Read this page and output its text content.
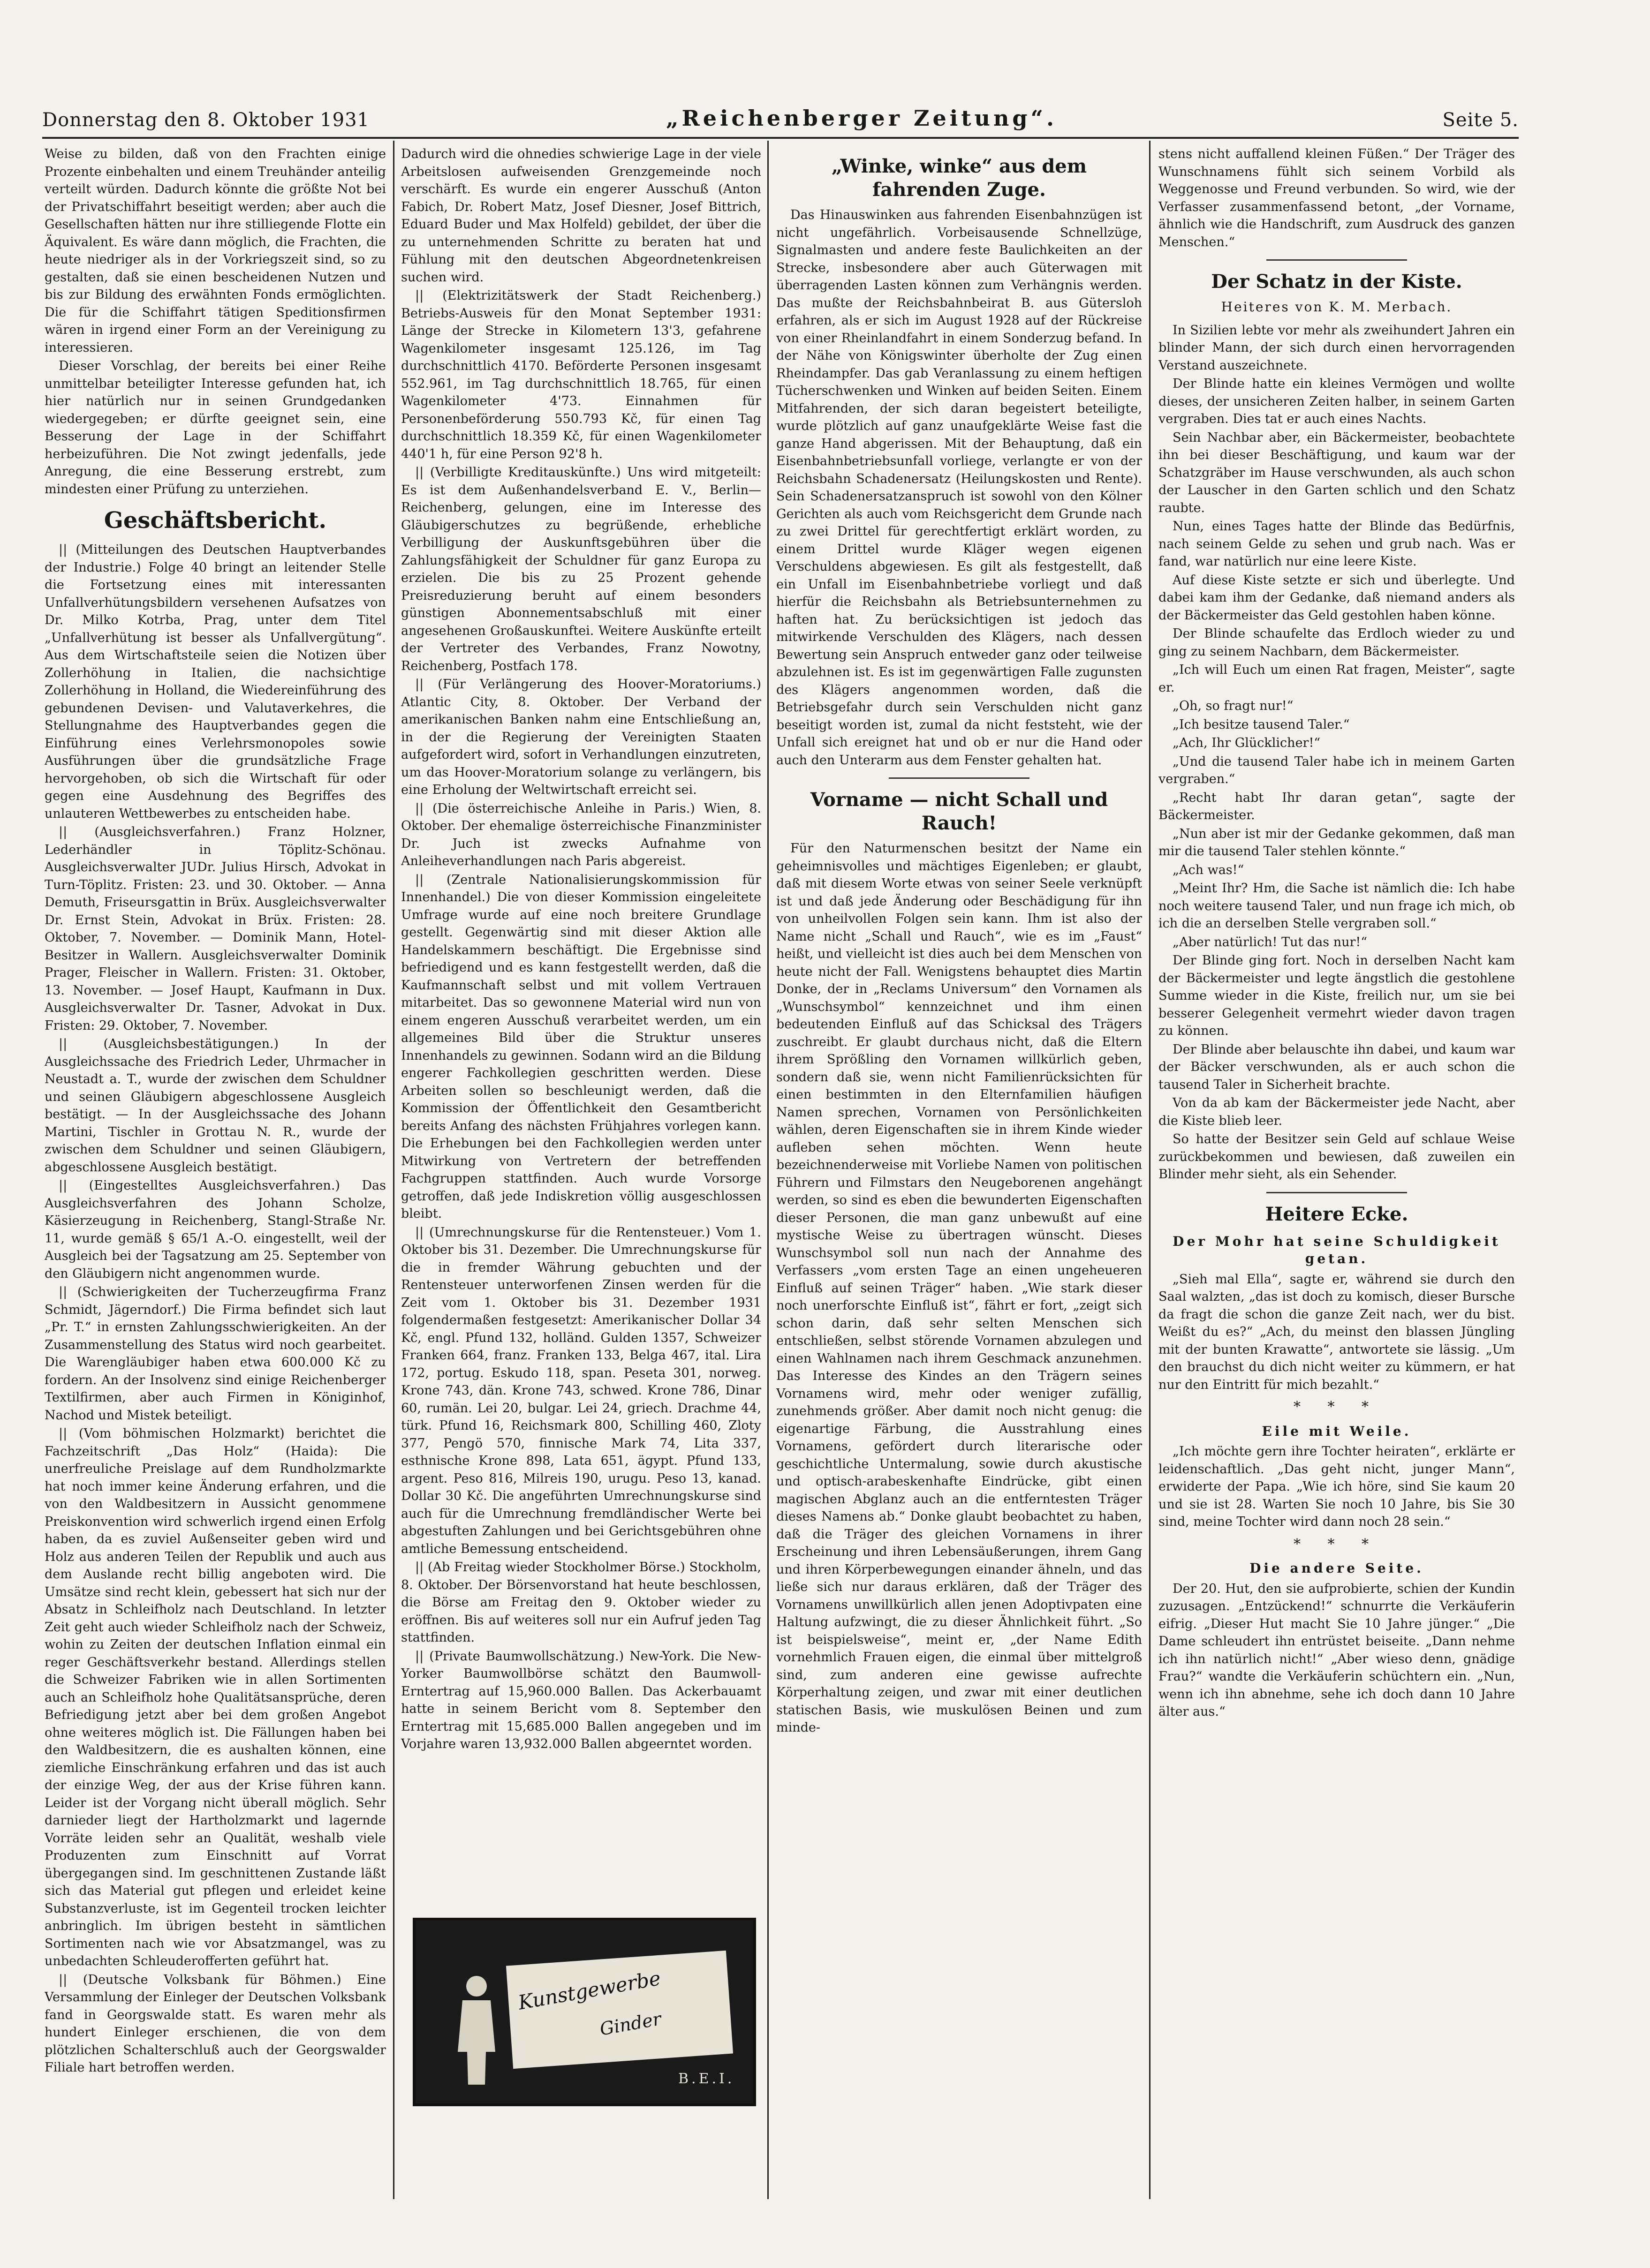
Donnerstag den 8. Oktober 1931	„Reichenberger Zeitung“.	Seite 5.

Weise zu bilden, daß von den Frachten einige Prozente einbehalten und einem Treuhänder anteilig verteilt würden. Dadurch könnte die größte Not bei der Privatschiffahrt beseitigt werden; aber auch die Gesellschaften hätten nur ihre stilliegende Flotte ein Äquivalent. Es wäre dann möglich, die Frachten, die heute niedriger als in der Vorkriegszeit sind, so zu gestalten, daß sie einen bescheidenen Nutzen und bis zur Bildung des erwähnten Fonds ermöglichten. Die für die Schiffahrt tätigen Speditionsfirmen wären in irgend einer Form an der Vereinigung zu interessieren.

Dieser Vorschlag, der bereits bei einer Reihe unmittelbar beteiligter Interesse gefunden hat, ich hier natürlich nur in seinen Grundgedanken wiedergegeben; er dürfte geeignet sein, eine Besserung der Lage in der Schiffahrt herbeizuführen. Die Not zwingt jedenfalls, jede Anregung, die eine Besserung erstrebt, zum mindesten einer Prüfung zu unterziehen.

Geschäftsbericht.

|| (Mitteilungen des Deutschen Hauptverbandes der Industrie.) Folge 40 bringt an leitender Stelle die Fortsetzung eines mit interessanten Unfallverhütungsbildern versehenen Aufsatzes von Dr. Milko Kotrba, Prag, unter dem Titel „Unfallverhütung ist besser als Unfallvergütung“. Aus dem Wirtschaftsteile seien die Notizen über Zollerhöhung in Italien, die nachsichtige Zollerhöhung in Holland, die Wiedereinführung des gebundenen Devisen- und Valutaverkehres, die Stellungnahme des Hauptverbandes gegen die Einführung eines Verlehrsmonopoles sowie Ausführungen über die grundsätzliche Frage hervorgehoben, ob sich die Wirtschaft für oder gegen eine Ausdehnung des Begriffes des unlauteren Wettbewerbes zu entscheiden habe.

|| (Ausgleichsverfahren.) Franz Holzner, Lederhändler in Töplitz-Schönau. Ausgleichsverwalter JUDr. Julius Hirsch, Advokat in Turn-Töplitz. Fristen: 23. und 30. Oktober. — Anna Demuth, Friseursgattin in Brüx. Ausgleichsverwalter Dr. Ernst Stein, Advokat in Brüx. Fristen: 28. Oktober, 7. November. — Dominik Mann, Hotel-Besitzer in Wallern. Ausgleichsverwalter Dominik Prager, Fleischer in Wallern. Fristen: 31. Oktober, 13. November. — Josef Haupt, Kaufmann in Dux. Ausgleichsverwalter Dr. Tasner, Advokat in Dux. Fristen: 29. Oktober, 7. November.

|| (Ausgleichsbestätigungen.) In der Ausgleichssache des Friedrich Leder, Uhrmacher in Neustadt a. T., wurde der zwischen dem Schuldner und seinen Gläubigern abgeschlossene Ausgleich bestätigt. — In der Ausgleichssache des Johann Martini, Tischler in Grottau N. R., wurde der zwischen dem Schuldner und seinen Gläubigern, abgeschlossene Ausgleich bestätigt.

|| (Eingestelltes Ausgleichsverfahren.) Das Ausgleichsverfahren des Johann Scholze, Käsierzeugung in Reichenberg, Stangl-Straße Nr. 11, wurde gemäß § 65/1 A.-O. eingestellt, weil der Ausgleich bei der Tagsatzung am 25. September von den Gläubigern nicht angenommen wurde.

|| (Schwierigkeiten der Tucherzeugfirma Franz Schmidt, Jägerndorf.) Die Firma befindet sich laut „Pr. T.“ in ernsten Zahlungsschwierigkeiten. An der Zusammenstellung des Status wird noch gearbeitet. Die Warengläubiger haben etwa 600.000 Kč zu fordern. An der Insolvenz sind einige Reichenberger Textilfirmen, aber auch Firmen in Königinhof, Nachod und Mistek beteiligt.

|| (Vom böhmischen Holzmarkt) berichtet die Fachzeitschrift „Das Holz“ (Haida): Die unerfreuliche Preislage auf dem Rundholzmarkte hat noch immer keine Änderung erfahren, und die von den Waldbesitzern in Aussicht genommene Preiskonvention wird schwerlich irgend einen Erfolg haben, da es zuviel Außenseiter geben wird und Holz aus anderen Teilen der Republik und auch aus dem Auslande recht billig angeboten wird. Die Umsätze sind recht klein, gebessert hat sich nur der Absatz in Schleifholz nach Deutschland. In letzter Zeit geht auch wieder Schleifholz nach der Schweiz, wohin zu Zeiten der deutschen Inflation einmal ein reger Geschäftsverkehr bestand. Allerdings stellen die Schweizer Fabriken wie in allen Sortimenten auch an Schleifholz hohe Qualitätsansprüche, deren Befriedigung jetzt aber bei dem großen Angebot ohne weiteres möglich ist. Die Fällungen haben bei den Waldbesitzern, die es aushalten können, eine ziemliche Einschränkung erfahren und das ist auch der einzige Weg, der aus der Krise führen kann. Leider ist der Vorgang nicht überall möglich. Sehr darnieder liegt der Hartholzmarkt und lagernde Vorräte leiden sehr an Qualität, weshalb viele Produzenten zum Einschnitt auf Vorrat übergegangen sind. Im geschnittenen Zustande läßt sich das Material gut pflegen und erleidet keine Substanzverluste, ist im Gegenteil trocken leichter anbringlich. Im übrigen besteht in sämtlichen Sortimenten nach wie vor Absatzmangel, was zu unbedachten Schleuderofferten geführt hat.

|| (Deutsche Volksbank für Böhmen.) Eine Versammlung der Einleger der Deutschen Volksbank fand in Georgswalde statt. Es waren mehr als hundert Einleger erschienen, die von dem plötzlichen Schalterschluß auch der Georgswalder Filiale hart betroffen werden.

Dadurch wird die ohnedies schwierige Lage in der viele Arbeitslosen aufweisenden Grenzgemeinde noch verschärft. Es wurde ein engerer Ausschuß (Anton Fabich, Dr. Robert Matz, Josef Diesner, Josef Bittrich, Eduard Buder und Max Holfeld) gebildet, der über die zu unternehmenden Schritte zu beraten hat und Fühlung mit den deutschen Abgeordnetenkreisen suchen wird.

|| (Elektrizitätswerk der Stadt Reichenberg.) Betriebs-Ausweis für den Monat September 1931: Länge der Strecke in Kilometern 13'3, gefahrene Wagenkilometer insgesamt 125.126, im Tag durchschnittlich 4170. Beförderte Personen insgesamt 552.961, im Tag durchschnittlich 18.765, für einen Wagenkilometer 4'73. Einnahmen für Personenbeförderung 550.793 Kč, für einen Tag durchschnittlich 18.359 Kč, für einen Wagenkilometer 440'1 h, für eine Person 92'8 h.

|| (Verbilligte Kreditauskünfte.) Uns wird mitgeteilt: Es ist dem Außenhandelsverband E. V., Berlin—Reichenberg, gelungen, eine im Interesse des Gläubigerschutzes zu begrüßende, erhebliche Verbilligung der Auskunftsgebühren über die Zahlungsfähigkeit der Schuldner für ganz Europa zu erzielen. Die bis zu 25 Prozent gehende Preisreduzierung beruht auf einem besonders günstigen Abonnementsabschluß mit einer angesehenen Großauskunftei. Weitere Auskünfte erteilt der Vertreter des Verbandes, Franz Nowotny, Reichenberg, Postfach 178.

|| (Für Verlängerung des Hoover-Moratoriums.) Atlantic City, 8. Oktober. Der Verband der amerikanischen Banken nahm eine Entschließung an, in der die Regierung der Vereinigten Staaten aufgefordert wird, sofort in Verhandlungen einzutreten, um das Hoover-Moratorium solange zu verlängern, bis eine Erholung der Weltwirtschaft erreicht sei.

|| (Die österreichische Anleihe in Paris.) Wien, 8. Oktober. Der ehemalige österreichische Finanzminister Dr. Juch ist zwecks Aufnahme von Anleiheverhandlungen nach Paris abgereist.

|| (Zentrale Nationalisierungskommission für Innenhandel.) Die von dieser Kommission eingeleitete Umfrage wurde auf eine noch breitere Grundlage gestellt. Gegenwärtig sind mit dieser Aktion alle Handelskammern beschäftigt. Die Ergebnisse sind befriedigend und es kann festgestellt werden, daß die Kaufmannschaft selbst und mit vollem Vertrauen mitarbeitet. Das so gewonnene Material wird nun von einem engeren Ausschuß verarbeitet werden, um ein allgemeines Bild über die Struktur unseres Innenhandels zu gewinnen. Sodann wird an die Bildung engerer Fachkollegien geschritten werden. Diese Arbeiten sollen so beschleunigt werden, daß die Kommission der Öffentlichkeit den Gesamtbericht bereits Anfang des nächsten Frühjahres vorlegen kann. Die Erhebungen bei den Fachkollegien werden unter Mitwirkung von Vertretern der betreffenden Fachgruppen stattfinden. Auch wurde Vorsorge getroffen, daß jede Indiskretion völlig ausgeschlossen bleibt.

|| (Umrechnungskurse für die Rentensteuer.) Vom 1. Oktober bis 31. Dezember. Die Umrechnungskurse für die in fremder Währung gebuchten und der Rentensteuer unterworfenen Zinsen werden für die Zeit vom 1. Oktober bis 31. Dezember 1931 folgendermaßen festgesetzt: Amerikanischer Dollar 34 Kč, engl. Pfund 132, holländ. Gulden 1357, Schweizer Franken 664, franz. Franken 133, Belga 467, ital. Lira 172, portug. Eskudo 118, span. Peseta 301, norweg. Krone 743, dän. Krone 743, schwed. Krone 786, Dinar 60, rumän. Lei 20, bulgar. Lei 24, griech. Drachme 44, türk. Pfund 16, Reichsmark 800, Schilling 460, Zloty 377, Pengö 570, finnische Mark 74, Lita 337, esthnische Krone 898, Lata 651, ägypt. Pfund 133, argent. Peso 816, Milreis 190, urugu. Peso 13, kanad. Dollar 30 Kč. Die angeführten Umrechnungskurse sind auch für die Umrechnung fremdländischer Werte bei abgestuften Zahlungen und bei Gerichtsgebühren ohne amtliche Bemessung entscheidend.

|| (Ab Freitag wieder Stockholmer Börse.) Stockholm, 8. Oktober. Der Börsenvorstand hat heute beschlossen, die Börse am Freitag den 9. Oktober wieder zu eröffnen. Bis auf weiteres soll nur ein Aufruf jeden Tag stattfinden.

|| (Private Baumwollschätzung.) New-York. Die New-Yorker Baumwollbörse schätzt den Baumwoll-Erntertrag auf 15,960.000 Ballen. Das Ackerbauamt hatte in seinem Bericht vom 8. September den Erntertrag mit 15,685.000 Ballen angegeben und im Vorjahre waren 13,932.000 Ballen abgeerntet worden.

Kunstgewerbe
Ginder
B.E.I.
„Winke, winke“ aus dem fahrenden Zuge.

Das Hinauswinken aus fahrenden Eisenbahnzügen ist nicht ungefährlich. Vorbeisausende Schnellzüge, Signalmasten und andere feste Baulichkeiten an der Strecke, insbesondere aber auch Güterwagen mit überragenden Lasten können zum Verhängnis werden. Das mußte der Reichsbahnbeirat B. aus Gütersloh erfahren, als er sich im August 1928 auf der Rückreise von einer Rheinlandfahrt in einem Sonderzug befand. In der Nähe von Königswinter überholte der Zug einen Rheindampfer. Das gab Veranlassung zu einem heftigen Tücherschwenken und Winken auf beiden Seiten. Einem Mitfahrenden, der sich daran begeistert beteiligte, wurde plötzlich auf ganz unaufgeklärte Weise fast die ganze Hand abgerissen. Mit der Behauptung, daß ein Eisenbahnbetriebsunfall vorliege, verlangte er von der Reichsbahn Schadenersatz (Heilungskosten und Rente). Sein Schadenersatzanspruch ist sowohl von den Kölner Gerichten als auch vom Reichsgericht dem Grunde nach zu zwei Drittel für gerechtfertigt erklärt worden, zu einem Drittel wurde Kläger wegen eigenen Verschuldens abgewiesen. Es gilt als festgestellt, daß ein Unfall im Eisenbahnbetriebe vorliegt und daß hierfür die Reichsbahn als Betriebsunternehmen zu haften hat. Zu berücksichtigen ist jedoch das mitwirkende Verschulden des Klägers, nach dessen Bewertung sein Anspruch entweder ganz oder teilweise abzulehnen ist. Es ist im gegenwärtigen Falle zugunsten des Klägers angenommen worden, daß die Betriebsgefahr durch sein Verschulden nicht ganz beseitigt worden ist, zumal da nicht feststeht, wie der Unfall sich ereignet hat und ob er nur die Hand oder auch den Unterarm aus dem Fenster gehalten hat.

Vorname — nicht Schall und Rauch!

Für den Naturmenschen besitzt der Name ein geheimnisvolles und mächtiges Eigenleben; er glaubt, daß mit diesem Worte etwas von seiner Seele verknüpft ist und daß jede Änderung oder Beschädigung für ihn von unheilvollen Folgen sein kann. Ihm ist also der Name nicht „Schall und Rauch“, wie es im „Faust“ heißt, und vielleicht ist dies auch bei dem Menschen von heute nicht der Fall. Wenigstens behauptet dies Martin Donke, der in „Reclams Universum“ den Vornamen als „Wunschsymbol“ kennzeichnet und ihm einen bedeutenden Einfluß auf das Schicksal des Trägers zuschreibt. Er glaubt durchaus nicht, daß die Eltern ihrem Sprößling den Vornamen willkürlich geben, sondern daß sie, wenn nicht Familienrücksichten für einen bestimmten in den Elternfamilien häufigen Namen sprechen, Vornamen von Persönlichkeiten wählen, deren Eigenschaften sie in ihrem Kinde wieder aufleben sehen möchten. Wenn heute bezeichnenderweise mit Vorliebe Namen von politischen Führern und Filmstars den Neugeborenen angehängt werden, so sind es eben die bewunderten Eigenschaften dieser Personen, die man ganz unbewußt auf eine mystische Weise zu übertragen wünscht. Dieses Wunschsymbol soll nun nach der Annahme des Verfassers „vom ersten Tage an einen ungeheueren Einfluß auf seinen Träger“ haben. „Wie stark dieser noch unerforschte Einfluß ist“, fährt er fort, „zeigt sich schon darin, daß sehr selten Menschen sich entschließen, selbst störende Vornamen abzulegen und einen Wahlnamen nach ihrem Geschmack anzunehmen. Das Interesse des Kindes an den Trägern seines Vornamens wird, mehr oder weniger zufällig, zunehmends größer. Aber damit noch nicht genug: die eigenartige Färbung, die Ausstrahlung eines Vornamens, gefördert durch literarische oder geschichtliche Untermalung, sowie durch akustische und optisch-arabeskenhafte Eindrücke, gibt einen magischen Abglanz auch an die entferntesten Träger dieses Namens ab.“ Donke glaubt beobachtet zu haben, daß die Träger des gleichen Vornamens in ihrer Erscheinung und ihren Lebensäußerungen, ihrem Gang und ihren Körperbewegungen einander ähneln, und das ließe sich nur daraus erklären, daß der Träger des Vornamens unwillkürlich allen jenen Adoptivpaten eine Haltung aufzwingt, die zu dieser Ähnlichkeit führt. „So ist beispielsweise“, meint er, „der Name Edith vornehmlich Frauen eigen, die einmal über mittelgroß sind, zum anderen eine gewisse aufrechte Körperhaltung zeigen, und zwar mit einer deutlichen statischen Basis, wie muskulösen Beinen und zum minde-

stens nicht auffallend kleinen Füßen.“ Der Träger des Wunschnamens fühlt sich seinem Vorbild als Weggenosse und Freund verbunden. So wird, wie der Verfasser zusammenfassend betont, „der Vorname, ähnlich wie die Handschrift, zum Ausdruck des ganzen Menschen.“

Der Schatz in der Kiste.
Heiteres von K. M. Merbach.

In Sizilien lebte vor mehr als zweihundert Jahren ein blinder Mann, der sich durch einen hervorragenden Verstand auszeichnete.

Der Blinde hatte ein kleines Vermögen und wollte dieses, der unsicheren Zeiten halber, in seinem Garten vergraben. Dies tat er auch eines Nachts.

Sein Nachbar aber, ein Bäckermeister, beobachtete ihn bei dieser Beschäftigung, und kaum war der Schatzgräber im Hause verschwunden, als auch schon der Lauscher in den Garten schlich und den Schatz raubte.

Nun, eines Tages hatte der Blinde das Bedürfnis, nach seinem Gelde zu sehen und grub nach. Was er fand, war natürlich nur eine leere Kiste.

Auf diese Kiste setzte er sich und überlegte. Und dabei kam ihm der Gedanke, daß niemand anders als der Bäckermeister das Geld gestohlen haben könne.

Der Blinde schaufelte das Erdloch wieder zu und ging zu seinem Nachbarn, dem Bäckermeister.

„Ich will Euch um einen Rat fragen, Meister“, sagte er.

„Oh, so fragt nur!“

„Ich besitze tausend Taler.“

„Ach, Ihr Glücklicher!“

„Und die tausend Taler habe ich in meinem Garten vergraben.“

„Recht habt Ihr daran getan“, sagte der Bäckermeister.

„Nun aber ist mir der Gedanke gekommen, daß man mir die tausend Taler stehlen könnte.“

„Ach was!“

„Meint Ihr? Hm, die Sache ist nämlich die: Ich habe noch weitere tausend Taler, und nun frage ich mich, ob ich die an derselben Stelle vergraben soll.“

„Aber natürlich! Tut das nur!“

Der Blinde ging fort. Noch in derselben Nacht kam der Bäckermeister und legte ängstlich die gestohlene Summe wieder in die Kiste, freilich nur, um sie bei besserer Gelegenheit vermehrt wieder davon tragen zu können.

Der Blinde aber belauschte ihn dabei, und kaum war der Bäcker verschwunden, als er auch schon die tausend Taler in Sicherheit brachte.

Von da ab kam der Bäckermeister jede Nacht, aber die Kiste blieb leer.

So hatte der Besitzer sein Geld auf schlaue Weise zurückbekommen und bewiesen, daß zuweilen ein Blinder mehr sieht, als ein Sehender.

Heitere Ecke.
Der Mohr hat seine Schuldigkeit getan.

„Sieh mal Ella“, sagte er, während sie durch den Saal walzten, „das ist doch zu komisch, dieser Bursche da fragt die schon die ganze Zeit nach, wer du bist. Weißt du es?“ „Ach, du meinst den blassen Jüngling mit der bunten Krawatte“, antwortete sie lässig. „Um den brauchst du dich nicht weiter zu kümmern, er hat nur den Eintritt für mich bezahlt.“

* * *
Eile mit Weile.

„Ich möchte gern ihre Tochter heiraten“, erklärte er leidenschaftlich. „Das geht nicht, junger Mann“, erwiderte der Papa. „Wie ich höre, sind Sie kaum 20 und sie ist 28. Warten Sie noch 10 Jahre, bis Sie 30 sind, meine Tochter wird dann noch 28 sein.“

* * *
Die andere Seite.

Der 20. Hut, den sie aufprobierte, schien der Kundin zuzusagen. „Entzückend!“ schnurrte die Verkäuferin eifrig. „Dieser Hut macht Sie 10 Jahre jünger.“ „Die Dame schleudert ihn entrüstet beiseite. „Dann nehme ich ihn natürlich nicht!“ „Aber wieso denn, gnädige Frau?“ wandte die Verkäuferin schüchtern ein. „Nun, wenn ich ihn abnehme, sehe ich doch dann 10 Jahre älter aus.“
